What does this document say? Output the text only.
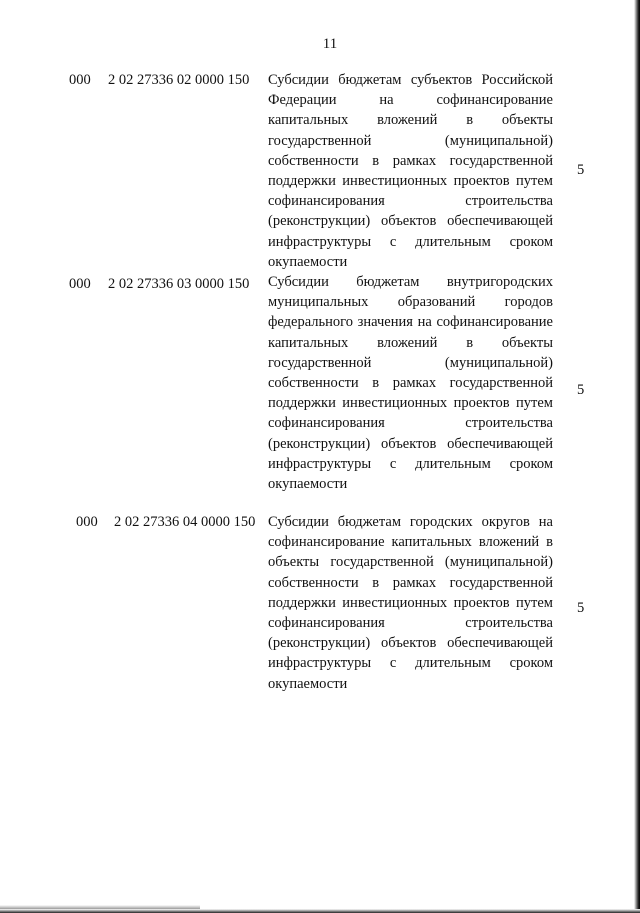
11
000 2 02 27336 02 0000 150 Субсидии бюджетам субъектов Российской Федерации на софинансирование капитальных вложений в объекты государственной (муниципальной) собственности в рамках государственной поддержки инвестиционных проектов путем софинансирования строительства (реконструкции) объектов обеспечивающей инфраструктуры с длительным сроком окупаемости
5
000 2 02 27336 03 0000 150 Субсидии бюджетам внутригородских муниципальных образований городов федерального значения на софинансирование капитальных вложений в объекты государственной (муниципальной) собственности в рамках государственной поддержки инвестиционных проектов путем софинансирования строительства (реконструкции) объектов обеспечивающей инфраструктуры с длительным сроком окупаемости
5
000 2 02 27336 04 0000 150 Субсидии бюджетам городских округов на софинансирование капитальных вложений в объекты государственной (муниципальной) собственности в рамках государственной поддержки инвестиционных проектов путем софинансирования строительства (реконструкции) объектов обеспечивающей инфраструктуры с длительным сроком окупаемости
5
